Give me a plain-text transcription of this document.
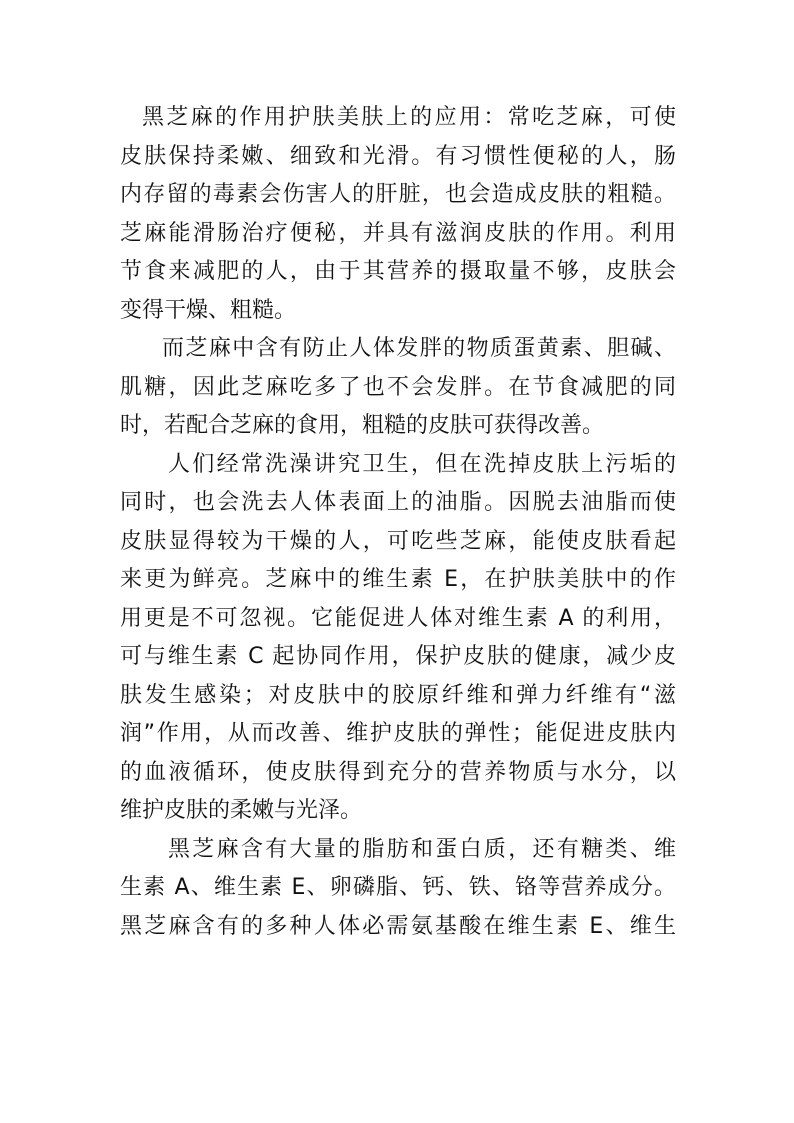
黑芝麻的作用护肤美肤上的应用：常吃芝麻，可使
皮肤保持柔嫩、细致和光滑。有习惯性便秘的人，肠
内存留的毒素会伤害人的肝脏，也会造成皮肤的粗糙。
芝麻能滑肠治疗便秘，并具有滋润皮肤的作用。利用
节食来减肥的人，由于其营养的摄取量不够，皮肤会
变得干燥、粗糙。
而芝麻中含有防止人体发胖的物质蛋黄素、胆碱、
肌糖，因此芝麻吃多了也不会发胖。在节食减肥的同
时，若配合芝麻的食用，粗糙的皮肤可获得改善。
人们经常洗澡讲究卫生，但在洗掉皮肤上污垢的
同时，也会洗去人体表面上的油脂。因脱去油脂而使
皮肤显得较为干燥的人，可吃些芝麻，能使皮肤看起
来更为鲜亮。芝麻中的维生素 E，在护肤美肤中的作
用更是不可忽视。它能促进人体对维生素 A 的利用，
可与维生素 C 起协同作用，保护皮肤的健康，减少皮
肤发生感染；对皮肤中的胶原纤维和弹力纤维有“滋
润”作用，从而改善、维护皮肤的弹性；能促进皮肤内
的血液循环，使皮肤得到充分的营养物质与水分，以
维护皮肤的柔嫩与光泽。
黑芝麻含有大量的脂肪和蛋白质，还有糖类、维
生素 A、维生素 E、卵磷脂、钙、铁、铬等营养成分。
黑芝麻含有的多种人体必需氨基酸在维生素 E、维生
